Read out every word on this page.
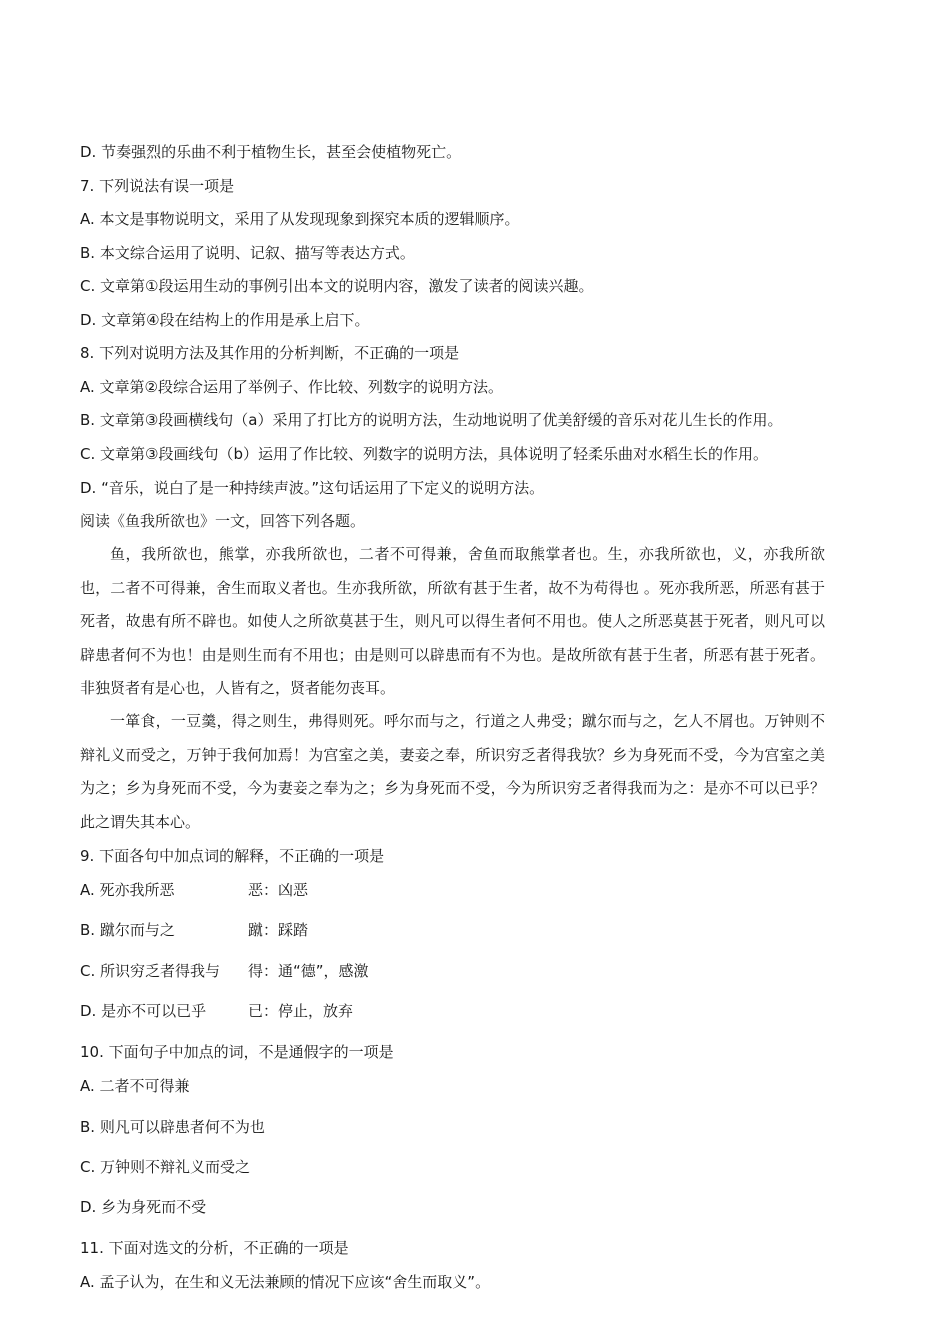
D. 节奏强烈的乐曲不利于植物生长，甚至会使植物死亡。
7. 下列说法有误一项是
A. 本文是事物说明文，采用了从发现现象到探究本质的逻辑顺序。
B. 本文综合运用了说明、记叙、描写等表达方式。
C. 文章第①段运用生动的事例引出本文的说明内容，激发了读者的阅读兴趣。
D. 文章第④段在结构上的作用是承上启下。
8. 下列对说明方法及其作用的分析判断，不正确的一项是
A. 文章第②段综合运用了举例子、作比较、列数字的说明方法。
B. 文章第③段画横线句（a）采用了打比方的说明方法，生动地说明了优美舒缓的音乐对花儿生长的作用。
C. 文章第③段画线句（b）运用了作比较、列数字的说明方法，具体说明了轻柔乐曲对水稻生长的作用。
D. “音乐，说白了是一种持续声波。”这句话运用了下定义的说明方法。
阅读《鱼我所欲也》一文，回答下列各题。
鱼，我所欲也，熊掌，亦我所欲也，二者不可得兼，舍鱼而取熊掌者也。生，亦我所欲也，义，亦我所欲也，二者不可得兼，舍生而取义者也。生亦我所欲，所欲有甚于生者，故不为苟得也 。死亦我所恶，所恶有甚于死者，故患有所不辟也。如使人之所欲莫甚于生，则凡可以得生者何不用也。使人之所恶莫甚于死者，则凡可以辟患者何不为也！由是则生而有不用也；由是则可以辟患而有不为也。是故所欲有甚于生者，所恶有甚于死者。非独贤者有是心也，人皆有之，贤者能勿丧耳。
一箪食，一豆羹，得之则生，弗得则死。呼尔而与之，行道之人弗受；蹴尔而与之，乞人不屑也。万钟则不辩礼义而受之，万钟于我何加焉！为宫室之美，妻妾之奉，所识穷乏者得我欤？乡为身死而不受，今为宫室之美为之；乡为身死而不受，今为妻妾之奉为之；乡为身死而不受，今为所识穷乏者得我而为之：是亦不可以已乎？此之谓失其本心。
9. 下面各句中加点词的解释，不正确的一项是
A. 死亦我所恶	恶：凶恶
B. 蹴尔而与之	蹴：踩踏
C. 所识穷乏者得我与 得：通“德”，感激
D. 是亦不可以已乎	已：停止，放弃
10. 下面句子中加点的词，不是通假字的一项是
A. 二者不可得兼
B. 则凡可以辟患者何不为也
C. 万钟则不辩礼义而受之
D. 乡为身死而不受
11. 下面对选文的分析，不正确的一项是
A. 孟子认为，在生和义无法兼顾的情况下应该“舍生而取义”。
